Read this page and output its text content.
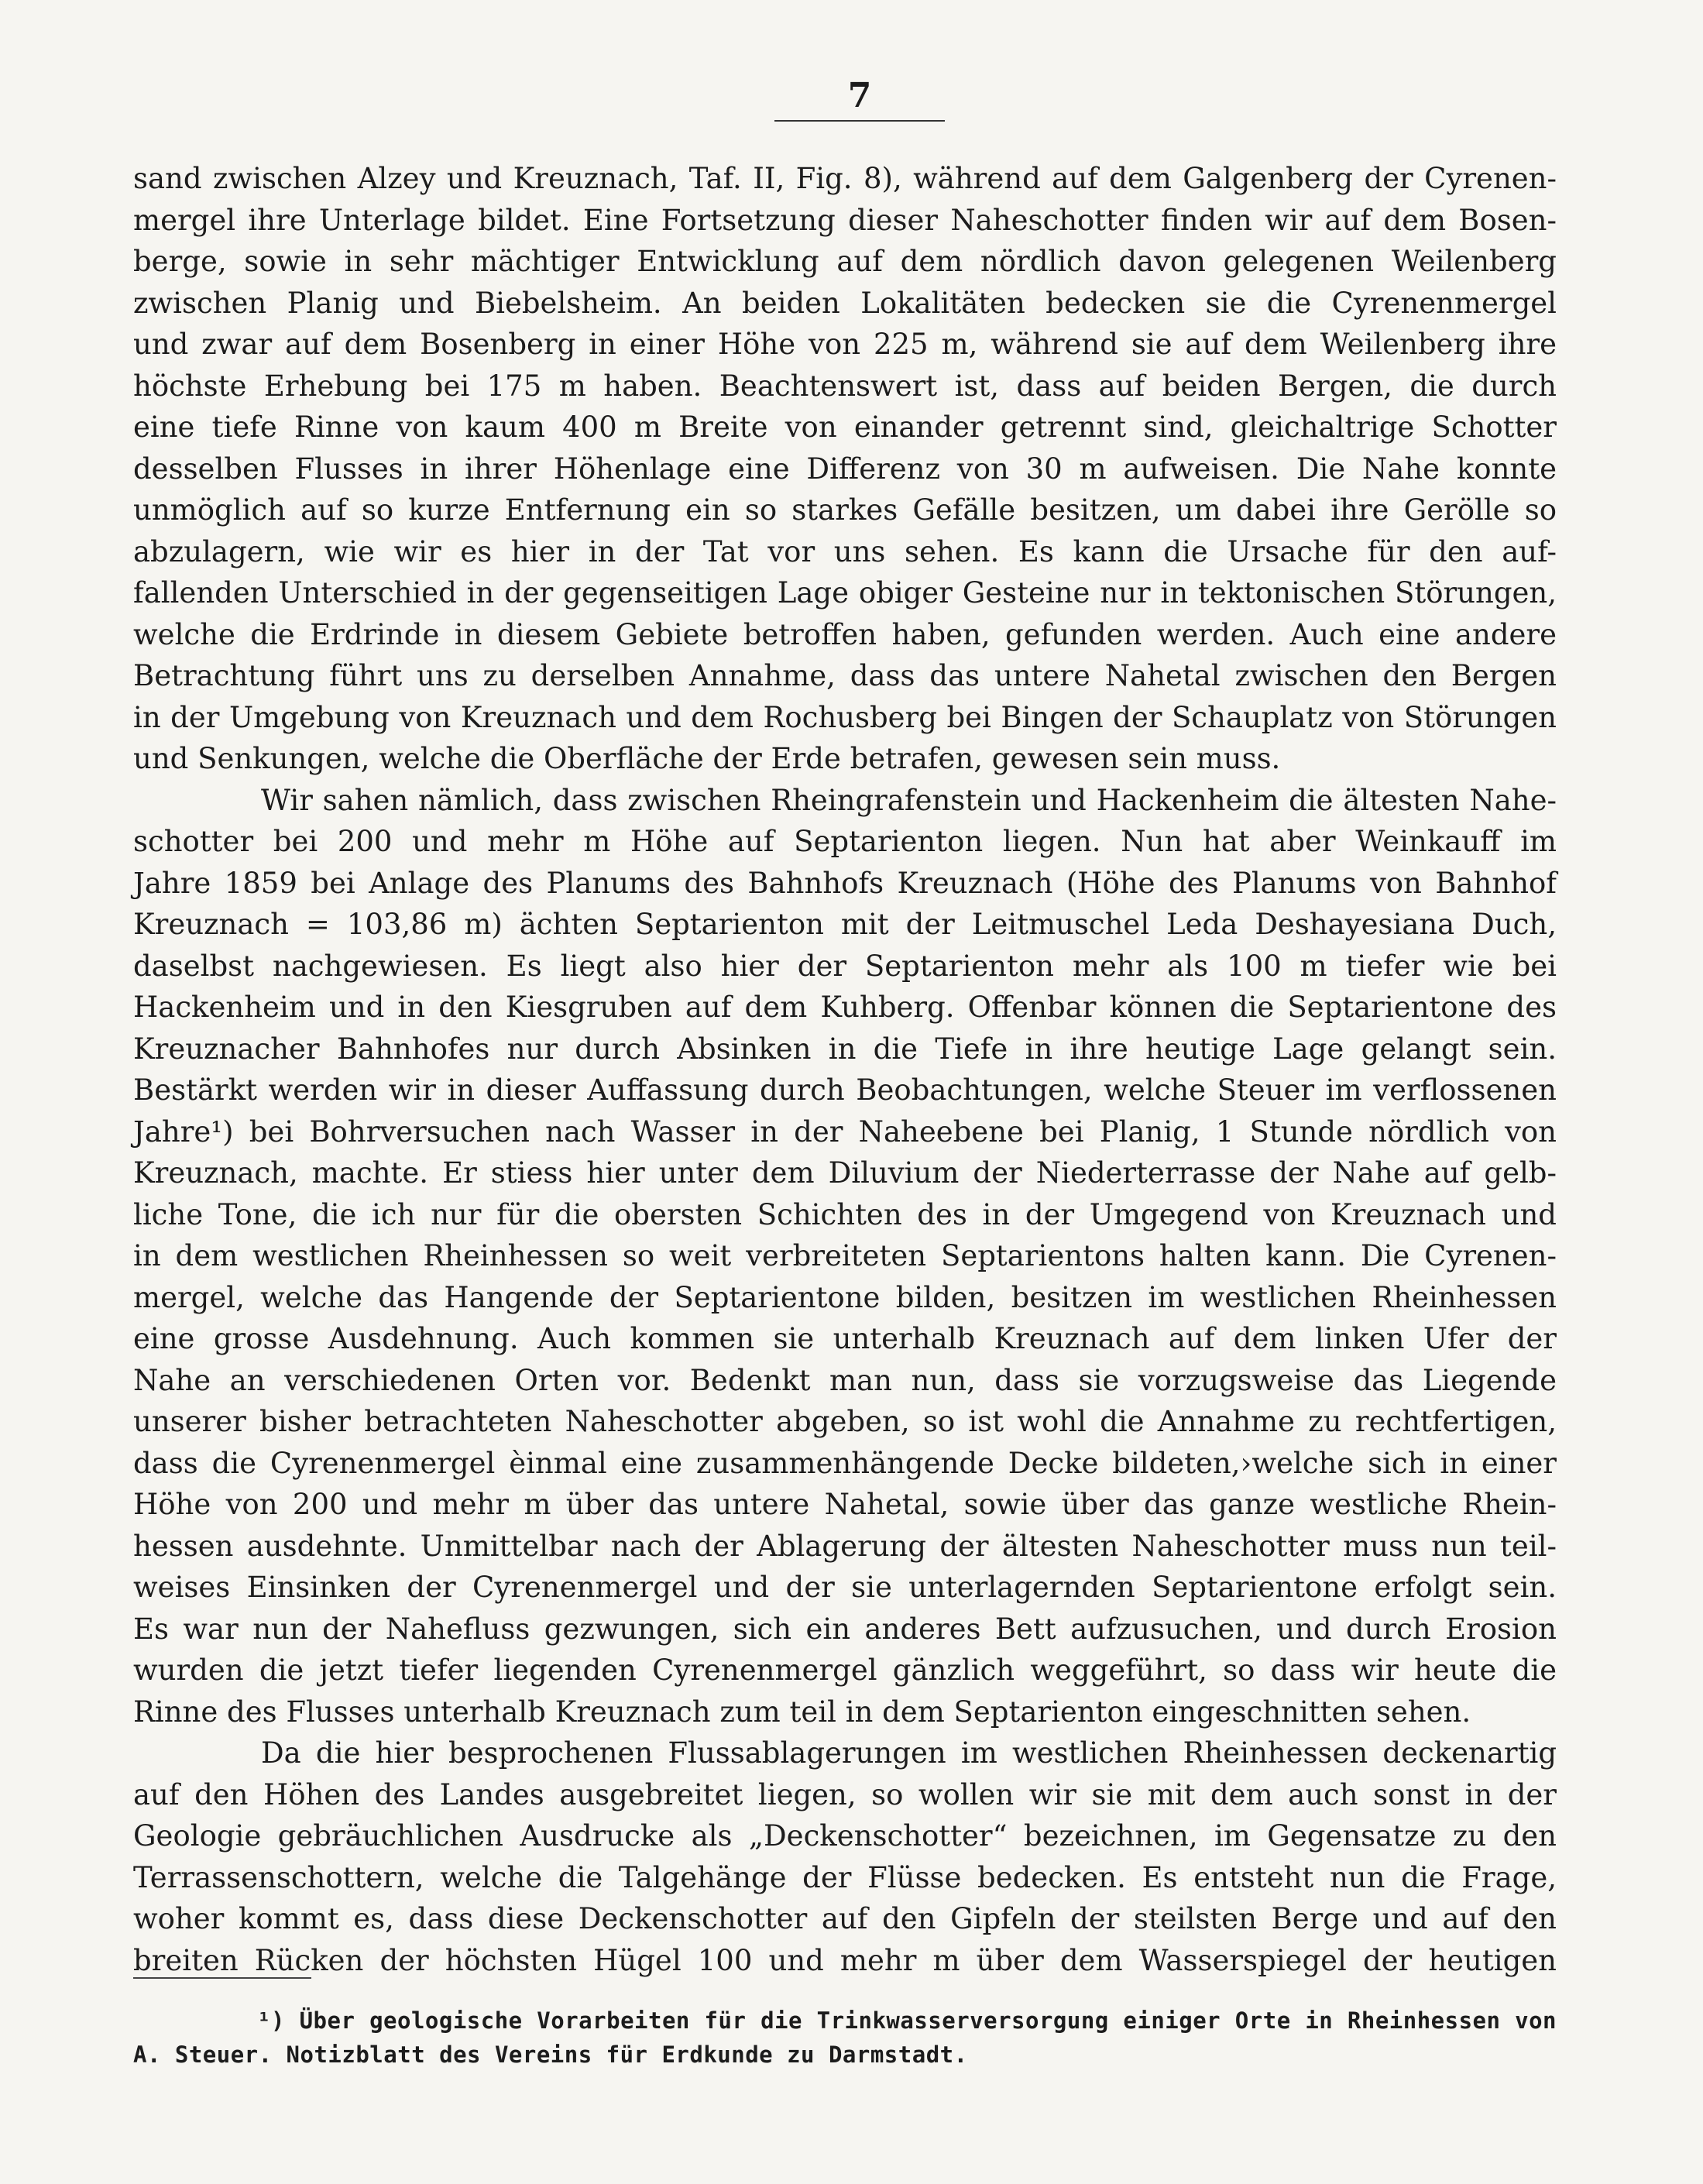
7

sand zwischen Alzey und Kreuznach, Taf. II, Fig. 8), während auf dem Galgenberg der Cyrenen-

mergel ihre Unterlage bildet. Eine Fortsetzung dieser Naheschotter finden wir auf dem Bosen-

berge, sowie in sehr mächtiger Entwicklung auf dem nördlich davon gelegenen Weilenberg

zwischen Planig und Biebelsheim. An beiden Lokalitäten bedecken sie die Cyrenenmergel

und zwar auf dem Bosenberg in einer Höhe von 225 m, während sie auf dem Weilenberg ihre

höchste Erhebung bei 175 m haben. Beachtenswert ist, dass auf beiden Bergen, die durch

eine tiefe Rinne von kaum 400 m Breite von einander getrennt sind, gleichaltrige Schotter

desselben Flusses in ihrer Höhenlage eine Differenz von 30 m aufweisen. Die Nahe konnte

unmöglich auf so kurze Entfernung ein so starkes Gefälle besitzen, um dabei ihre Gerölle so

abzulagern, wie wir es hier in der Tat vor uns sehen. Es kann die Ursache für den auf-

fallenden Unterschied in der gegenseitigen Lage obiger Gesteine nur in tektonischen Störungen,

welche die Erdrinde in diesem Gebiete betroffen haben, gefunden werden. Auch eine andere

Betrachtung führt uns zu derselben Annahme, dass das untere Nahetal zwischen den Bergen

in der Umgebung von Kreuznach und dem Rochusberg bei Bingen der Schauplatz von Störungen

und Senkungen, welche die Oberfläche der Erde betrafen, gewesen sein muss.

Wir sahen nämlich, dass zwischen Rheingrafenstein und Hackenheim die ältesten Nahe-

schotter bei 200 und mehr m Höhe auf Septarienton liegen. Nun hat aber Weinkauff im

Jahre 1859 bei Anlage des Planums des Bahnhofs Kreuznach (Höhe des Planums von Bahnhof

Kreuznach = 103,86 m) ächten Septarienton mit der Leitmuschel Leda Deshayesiana Duch,

daselbst nachgewiesen. Es liegt also hier der Septarienton mehr als 100 m tiefer wie bei

Hackenheim und in den Kiesgruben auf dem Kuhberg. Offenbar können die Septarientone des

Kreuznacher Bahnhofes nur durch Absinken in die Tiefe in ihre heutige Lage gelangt sein.

Bestärkt werden wir in dieser Auffassung durch Beobachtungen, welche Steuer im verflossenen

Jahre¹) bei Bohrversuchen nach Wasser in der Naheebene bei Planig, 1 Stunde nördlich von

Kreuznach, machte. Er stiess hier unter dem Diluvium der Niederterrasse der Nahe auf gelb-

liche Tone, die ich nur für die obersten Schichten des in der Umgegend von Kreuznach und

in dem westlichen Rheinhessen so weit verbreiteten Septarientons halten kann. Die Cyrenen-

mergel, welche das Hangende der Septarientone bilden, besitzen im westlichen Rheinhessen

eine grosse Ausdehnung. Auch kommen sie unterhalb Kreuznach auf dem linken Ufer der

Nahe an verschiedenen Orten vor. Bedenkt man nun, dass sie vorzugsweise das Liegende

unserer bisher betrachteten Naheschotter abgeben, so ist wohl die Annahme zu rechtfertigen,

dass die Cyrenenmergel èinmal eine zusammenhängende Decke bildeten,›welche sich in einer

Höhe von 200 und mehr m über das untere Nahetal, sowie über das ganze westliche Rhein-

hessen ausdehnte. Unmittelbar nach der Ablagerung der ältesten Naheschotter muss nun teil-

weises Einsinken der Cyrenenmergel und der sie unterlagernden Septarientone erfolgt sein.

Es war nun der Nahefluss gezwungen, sich ein anderes Bett aufzusuchen, und durch Erosion

wurden die jetzt tiefer liegenden Cyrenenmergel gänzlich weggeführt, so dass wir heute die

Rinne des Flusses unterhalb Kreuznach zum teil in dem Septarienton eingeschnitten sehen.

Da die hier besprochenen Flussablagerungen im westlichen Rheinhessen deckenartig

auf den Höhen des Landes ausgebreitet liegen, so wollen wir sie mit dem auch sonst in der

Geologie gebräuchlichen Ausdrucke als „Deckenschotter“ bezeichnen, im Gegensatze zu den

Terrassenschottern, welche die Talgehänge der Flüsse bedecken. Es entsteht nun die Frage,

woher kommt es, dass diese Deckenschotter auf den Gipfeln der steilsten Berge und auf den

breiten Rücken der höchsten Hügel 100 und mehr m über dem Wasserspiegel der heutigen

¹) Über geologische Vorarbeiten für die Trinkwasserversorgung einiger Orte in Rheinhessen von

A. Steuer. Notizblatt des Vereins für Erdkunde zu Darmstadt.
